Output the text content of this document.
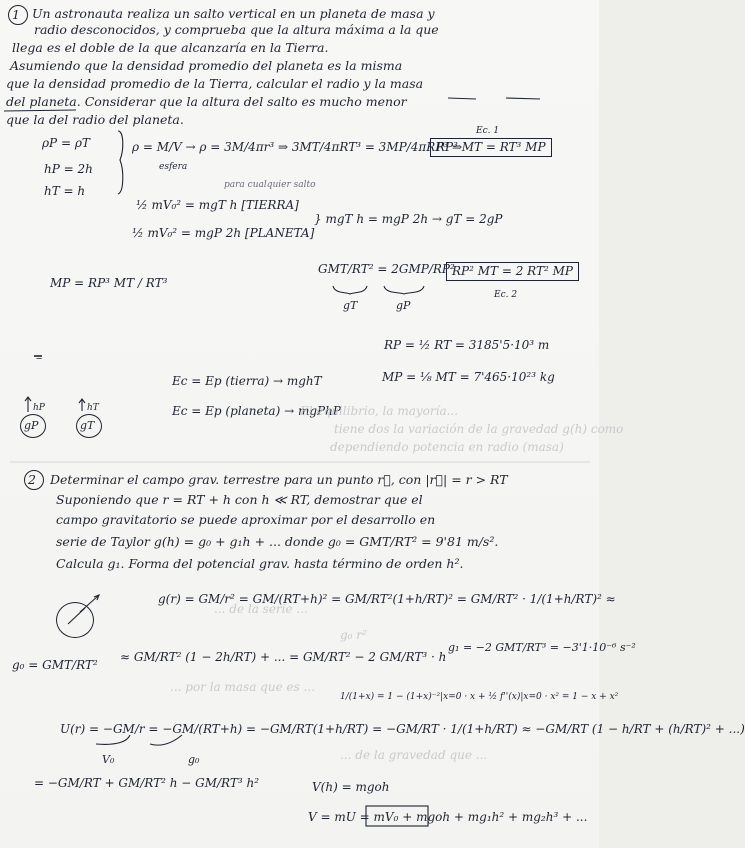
1 Un astronauta realiza un salto vertical en un planeta de masa y
radio desconocidos, y comprueba que la altura máxima a la que
llega es el doble de la que alcanzaría en la Tierra.
Asumiendo que la densidad promedio del planeta es la misma
que la densidad promedio de la Tierra, calcular el radio y la masa
del planeta. Considerar que la altura del salto es mucho menor
que la del radio del planeta.
ρP = ρT
hP = 2h
hT = h
ρ = M/V → ρ = 3M/4πr³ ⇒ 3MT/4πRT³ = 3MP/4πRP³ ⇒
esfera
Ec. 1
RP³ MT = RT³ MP
para cualquier salto
½ mV₀² = mgT h [TIERRA]
½ mV₀² = mgP 2h [PLANETA]
} mgT h = mgP 2h → gT = 2gP
MP = RP³ MT / RT³
GMT/RT² = 2GMP/RP²
gT	gP
RP² MT = 2 RT² MP
Ec. 2
RP = ½ RT = 3185'5·10³ m
MP = ⅛ MT = 7'465·10²³ kg
–
Ec = Ep (tierra) → mghT
Ec = Ep (planeta) → mgPhP
gP
hP
gT
hT	El equilibrio, la mayoría...
tiene dos la variación de la gravedad g(h) como
dependiendo potencia en radio (masa)
2 Determinar el campo grav. terrestre para un punto r⃗, con |r⃗| = r > RT
Suponiendo que r = RT + h con h ≪ RT, demostrar que el
campo gravitatorio se puede aproximar por el desarrollo en
serie de Taylor g(h) = g₀ + g₁h + ... donde g₀ = GMT/RT² = 9'81 m/s².
Calcula g₁. Forma del potencial grav. hasta término de orden h².
g(r) = GM/r² = GM/(RT+h)² = GM/RT²(1+h/RT)² = GM/RT² · 1/(1+h/RT)² ≈
g₀ = GMT/RT²
≈ GM/RT² (1 − 2h/RT) + ... = GM/RT² − 2 GM/RT³ · h
g₁ = −2 GMT/RT³ = −3'1·10⁻⁶ s⁻²
1/(1+x) = 1 − (1+x)⁻²|x=0 · x + ½ f''(x)|x=0 · x² = 1 − x + x²
U(r) = −GM/r = −GM/(RT+h) = −GM/RT(1+h/RT) = −GM/RT · 1/(1+h/RT) ≈ −GM/RT (1 − h/RT + (h/RT)² + ...)
V₀	g₀
= −GM/RT + GM/RT² h − GM/RT³ h²	V(h) = mgoh
V = mU = mV₀ + mgoh + mg₁h² + mg₂h³ + ...
... de la serie ...
g₀ r²
... por la masa que es ...
... de la gravedad que ...
